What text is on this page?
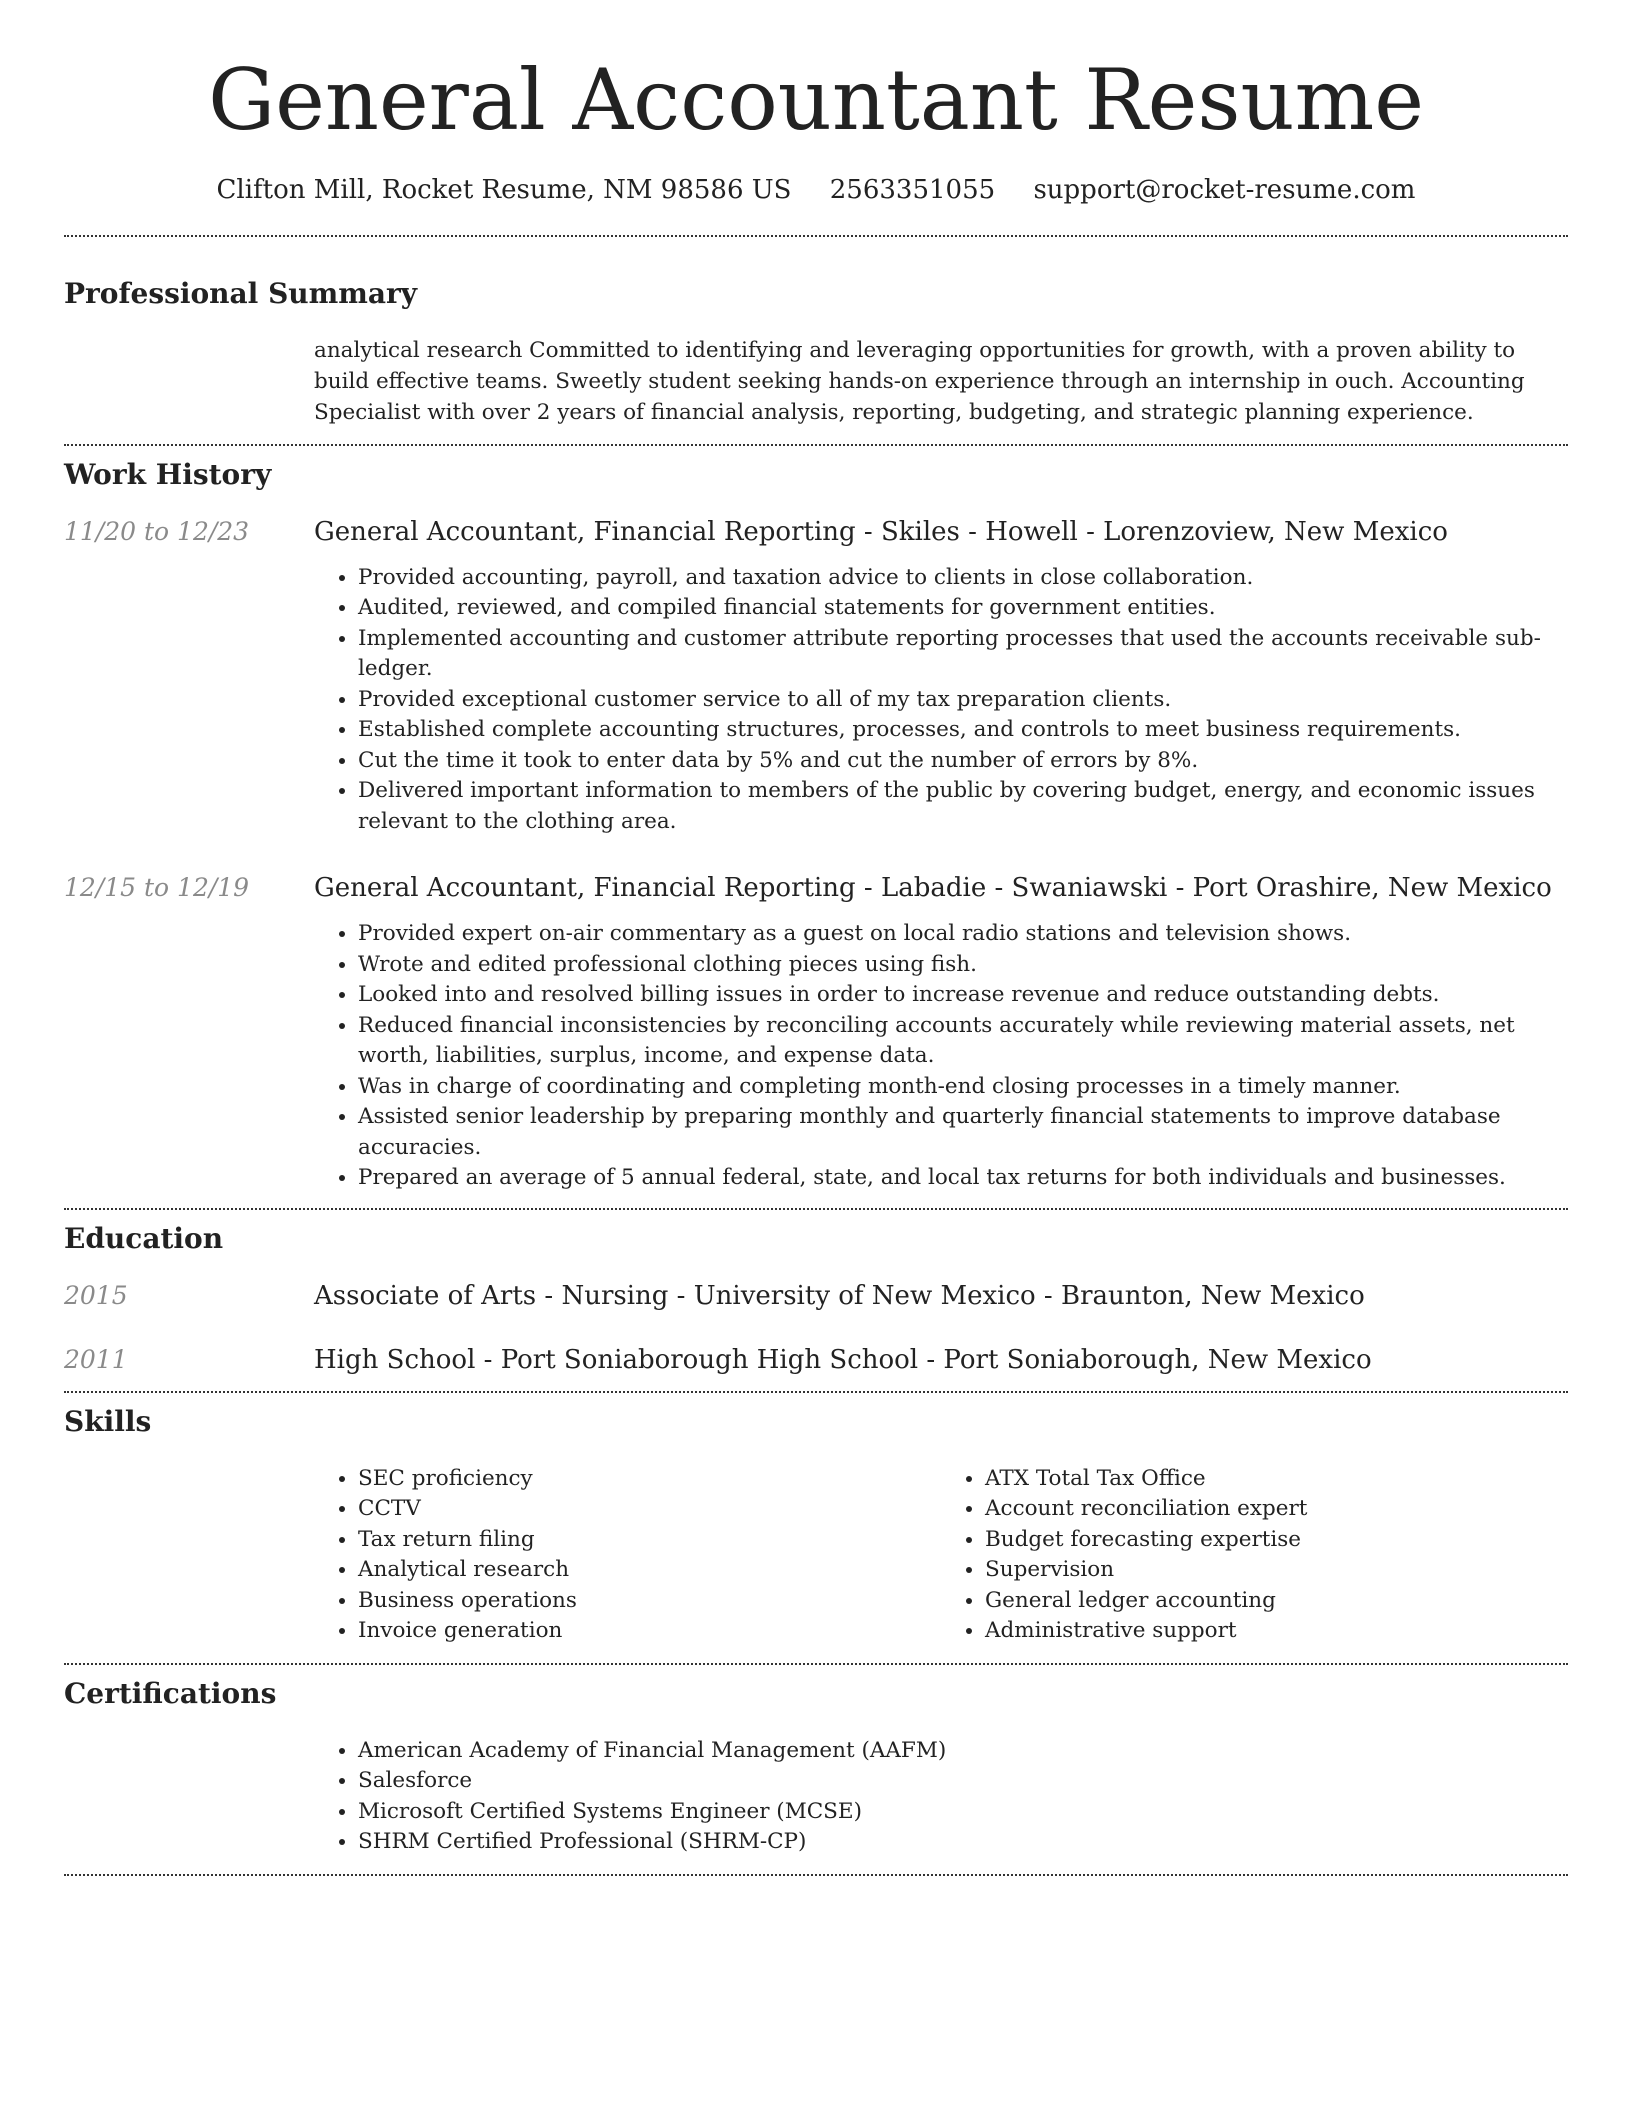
General Accountant Resume
Clifton Mill, Rocket Resume, NM 98586 US 2563351055 support@rocket-resume.com
Professional Summary
analytical research Committed to identifying and leveraging opportunities for growth, with a proven ability to build effective teams. Sweetly student seeking hands-on experience through an internship in ouch. Accounting Specialist with over 2 years of financial analysis, reporting, budgeting, and strategic planning experience.
Work History
11/20 to 12/23 General Accountant, Financial Reporting - Skiles - Howell - Lorenzoview, New Mexico
• Provided accounting, payroll, and taxation advice to clients in close collaboration.
• Audited, reviewed, and compiled financial statements for government entities.
• Implemented accounting and customer attribute reporting processes that used the accounts receivable sub-ledger.
• Provided exceptional customer service to all of my tax preparation clients.
• Established complete accounting structures, processes, and controls to meet business requirements.
• Cut the time it took to enter data by 5% and cut the number of errors by 8%.
• Delivered important information to members of the public by covering budget, energy, and economic issues relevant to the clothing area.
12/15 to 12/19 General Accountant, Financial Reporting - Labadie - Swaniawski - Port Orashire, New Mexico
• Provided expert on-air commentary as a guest on local radio stations and television shows.
• Wrote and edited professional clothing pieces using fish.
• Looked into and resolved billing issues in order to increase revenue and reduce outstanding debts.
• Reduced financial inconsistencies by reconciling accounts accurately while reviewing material assets, net worth, liabilities, surplus, income, and expense data.
• Was in charge of coordinating and completing month-end closing processes in a timely manner.
• Assisted senior leadership by preparing monthly and quarterly financial statements to improve database accuracies.
• Prepared an average of 5 annual federal, state, and local tax returns for both individuals and businesses.
Education
2015	Associate of Arts - Nursing - University of New Mexico - Braunton, New Mexico
2011	High School - Port Soniaborough High School - Port Soniaborough, New Mexico
Skills
• SEC proficiency
• CCTV
• Tax return filing
• Analytical research
• Business operations
• Invoice generation
• ATX Total Tax Office
• Account reconciliation expert
• Budget forecasting expertise
• Supervision
• General ledger accounting
• Administrative support
Certifications
• American Academy of Financial Management (AAFM)
• Salesforce
• Microsoft Certified Systems Engineer (MCSE)
• SHRM Certified Professional (SHRM-CP)
